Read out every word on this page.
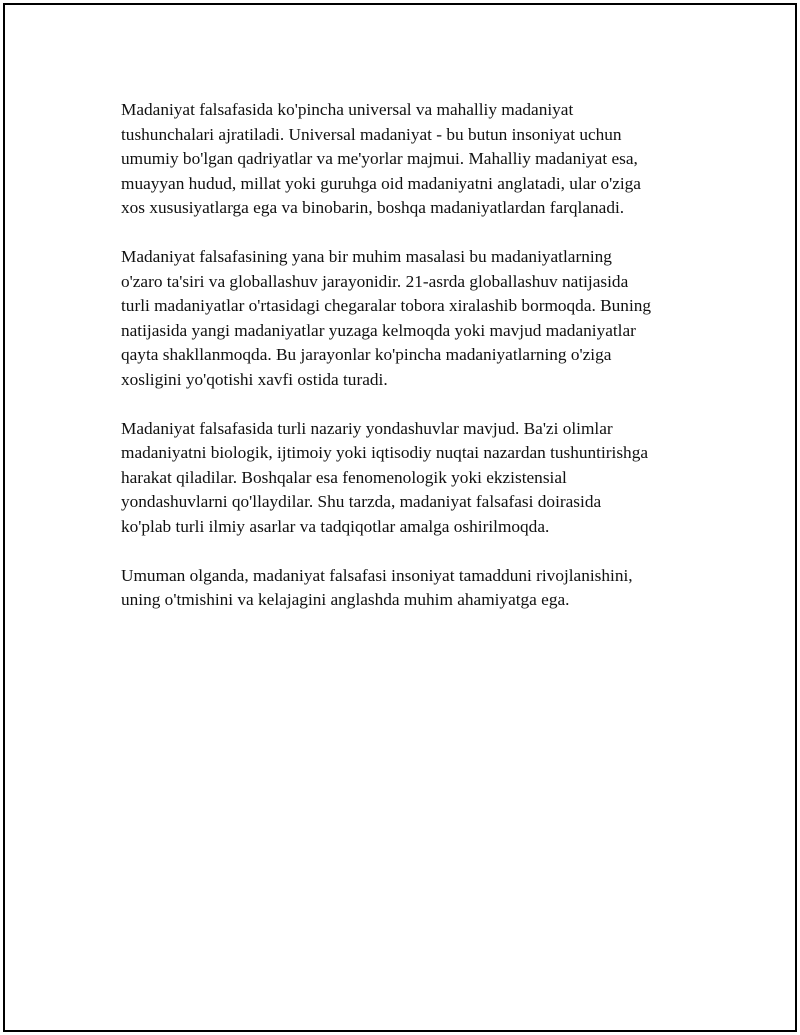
Madaniyat falsafasida ko'pincha universal va mahalliy madaniyat
tushunchalari ajratiladi. Universal madaniyat - bu butun insoniyat uchun
umumiy bo'lgan qadriyatlar va me'yorlar majmui. Mahalliy madaniyat esa,
muayyan hudud, millat yoki guruhga oid madaniyatni anglatadi, ular o'ziga
xos xususiyatlarga ega va binobarin, boshqa madaniyatlardan farqlanadi.

Madaniyat falsafasining yana bir muhim masalasi bu madaniyatlarning
o'zaro ta'siri va globallashuv jarayonidir. 21-asrda globallashuv natijasida
turli madaniyatlar o'rtasidagi chegaralar tobora xiralashib bormoqda. Buning
natijasida yangi madaniyatlar yuzaga kelmoqda yoki mavjud madaniyatlar
qayta shakllanmoqda. Bu jarayonlar ko'pincha madaniyatlarning o'ziga
xosligini yo'qotishi xavfi ostida turadi.

Madaniyat falsafasida turli nazariy yondashuvlar mavjud. Ba'zi olimlar
madaniyatni biologik, ijtimoiy yoki iqtisodiy nuqtai nazardan tushuntirishga
harakat qiladilar. Boshqalar esa fenomenologik yoki ekzistensial
yondashuvlarni qo'llaydilar. Shu tarzda, madaniyat falsafasi doirasida
ko'plab turli ilmiy asarlar va tadqiqotlar amalga oshirilmoqda.

Umuman olganda, madaniyat falsafasi insoniyat tamadduni rivojlanishini,
uning o'tmishini va kelajagini anglashda muhim ahamiyatga ega.
